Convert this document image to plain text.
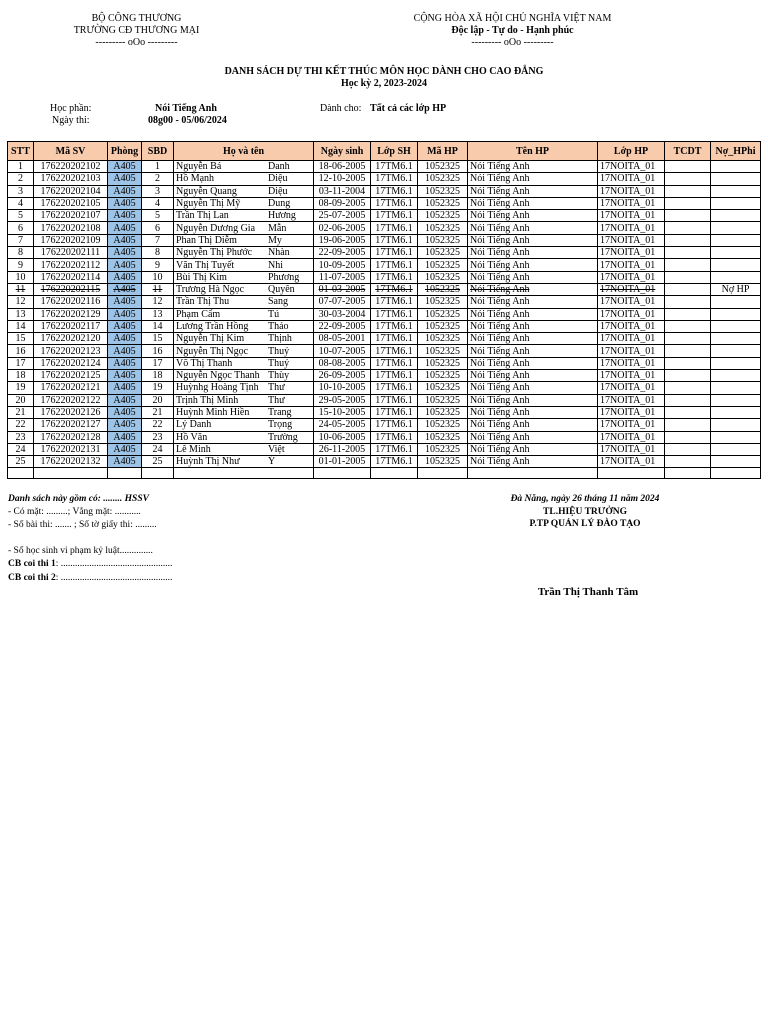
BỘ CÔNG THƯƠNG
TRƯỜNG CĐ THƯƠNG MẠI
--------- oOo ---------
CỘNG HÒA XÃ HỘI CHỦ NGHĨA VIỆT NAM
Độc lập - Tự do - Hạnh phúc
--------- oOo ---------
DANH SÁCH DỰ THI KẾT THÚC MÔN HỌC DÀNH CHO CAO ĐẲNG
Học kỳ 2, 2023-2024
Học phần:	Nói Tiếng Anh
Ngày thi:	08g00 - 05/06/2024
Dành cho: Tất cả các lớp HP
STT	Mã SV	Phòng	SBD	Họ và tên	Ngày sinh	Lớp SH	Mã HP	Tên HP	Lớp HP	TCDT	Nợ_HPhi
1	176220202102	A405	1	Nguyễn Bá Danh	18-06-2005	17TM6.1	1052325	Nói Tiếng Anh	17NOITA_01		
2	176220202103	A405	2	Hồ Mạnh Diệu	12-10-2005	17TM6.1	1052325	Nói Tiếng Anh	17NOITA_01		
3	176220202104	A405	3	Nguyễn Quang Diệu	03-11-2004	17TM6.1	1052325	Nói Tiếng Anh	17NOITA_01		
4	176220202105	A405	4	Nguyễn Thị Mỹ Dung	08-09-2005	17TM6.1	1052325	Nói Tiếng Anh	17NOITA_01		
5	176220202107	A405	5	Trần Thị Lan Hương	25-07-2005	17TM6.1	1052325	Nói Tiếng Anh	17NOITA_01		
6	176220202108	A405	6	Nguyễn Dương Gia Mẫn	02-06-2005	17TM6.1	1052325	Nói Tiếng Anh	17NOITA_01		
7	176220202109	A405	7	Phan Thị Diễm My	19-06-2005	17TM6.1	1052325	Nói Tiếng Anh	17NOITA_01		
8	176220202111	A405	8	Nguyễn Thị Phước Nhàn	22-09-2005	17TM6.1	1052325	Nói Tiếng Anh	17NOITA_01		
9	176220202112	A405	9	Văn Thị Tuyết Nhi	10-09-2005	17TM6.1	1052325	Nói Tiếng Anh	17NOITA_01		
10	176220202114	A405	10	Bùi Thị Kim Phương	11-07-2005	17TM6.1	1052325	Nói Tiếng Anh	17NOITA_01		
11	176220202115	A405	11	Trương Hà Ngọc Quyên	01-03-2005	17TM6.1	1052325	Nói Tiếng Anh	17NOITA_01		Nợ HP
12	176220202116	A405	12	Trần Thị Thu Sang	07-07-2005	17TM6.1	1052325	Nói Tiếng Anh	17NOITA_01		
13	176220202129	A405	13	Phạm Cẩm Tú	30-03-2004	17TM6.1	1052325	Nói Tiếng Anh	17NOITA_01		
14	176220202117	A405	14	Lương Trần Hồng Thảo	22-09-2005	17TM6.1	1052325	Nói Tiếng Anh	17NOITA_01		
15	176220202120	A405	15	Nguyễn Thị Kim Thịnh	08-05-2001	17TM6.1	1052325	Nói Tiếng Anh	17NOITA_01		
16	176220202123	A405	16	Nguyễn Thị Ngọc Thuý	10-07-2005	17TM6.1	1052325	Nói Tiếng Anh	17NOITA_01		
17	176220202124	A405	17	Võ Thị Thanh Thuý	08-08-2005	17TM6.1	1052325	Nói Tiếng Anh	17NOITA_01		
18	176220202125	A405	18	Nguyễn Ngọc Thanh Thùy	26-09-2005	17TM6.1	1052325	Nói Tiếng Anh	17NOITA_01		
19	176220202121	A405	19	Huỳnhg Hoàng Tịnh Thư	10-10-2005	17TM6.1	1052325	Nói Tiếng Anh	17NOITA_01		
20	176220202122	A405	20	Trịnh Thị Minh Thư	29-05-2005	17TM6.1	1052325	Nói Tiếng Anh	17NOITA_01		
21	176220202126	A405	21	Huỳnh Minh Hiền Trang	15-10-2005	17TM6.1	1052325	Nói Tiếng Anh	17NOITA_01		
22	176220202127	A405	22	Lý Danh Trọng	24-05-2005	17TM6.1	1052325	Nói Tiếng Anh	17NOITA_01		
23	176220202128	A405	23	Hồ Văn Trường	10-06-2005	17TM6.1	1052325	Nói Tiếng Anh	17NOITA_01		
24	176220202131	A405	24	Lê Minh Việt	26-11-2005	17TM6.1	1052325	Nói Tiếng Anh	17NOITA_01		
25	176220202132	A405	25	Huỳnh Thị Như Ý	01-01-2005	17TM6.1	1052325	Nói Tiếng Anh	17NOITA_01		

Danh sách này gồm có: ........ HSSV
- Có mặt: .........; Vắng mặt: ...........
- Số bài thi: ....... ; Số tờ giấy thi: .........
- Số học sinh vi phạm kỷ luật..............
CB coi thi 1: ...............................................
CB coi thi 2: ...............................................
Đà Nẵng, ngày 26 tháng 11 năm 2024
TL.HIỆU TRƯỞNG
P.TP QUẢN LÝ ĐÀO TẠO
Trần Thị Thanh Tâm
